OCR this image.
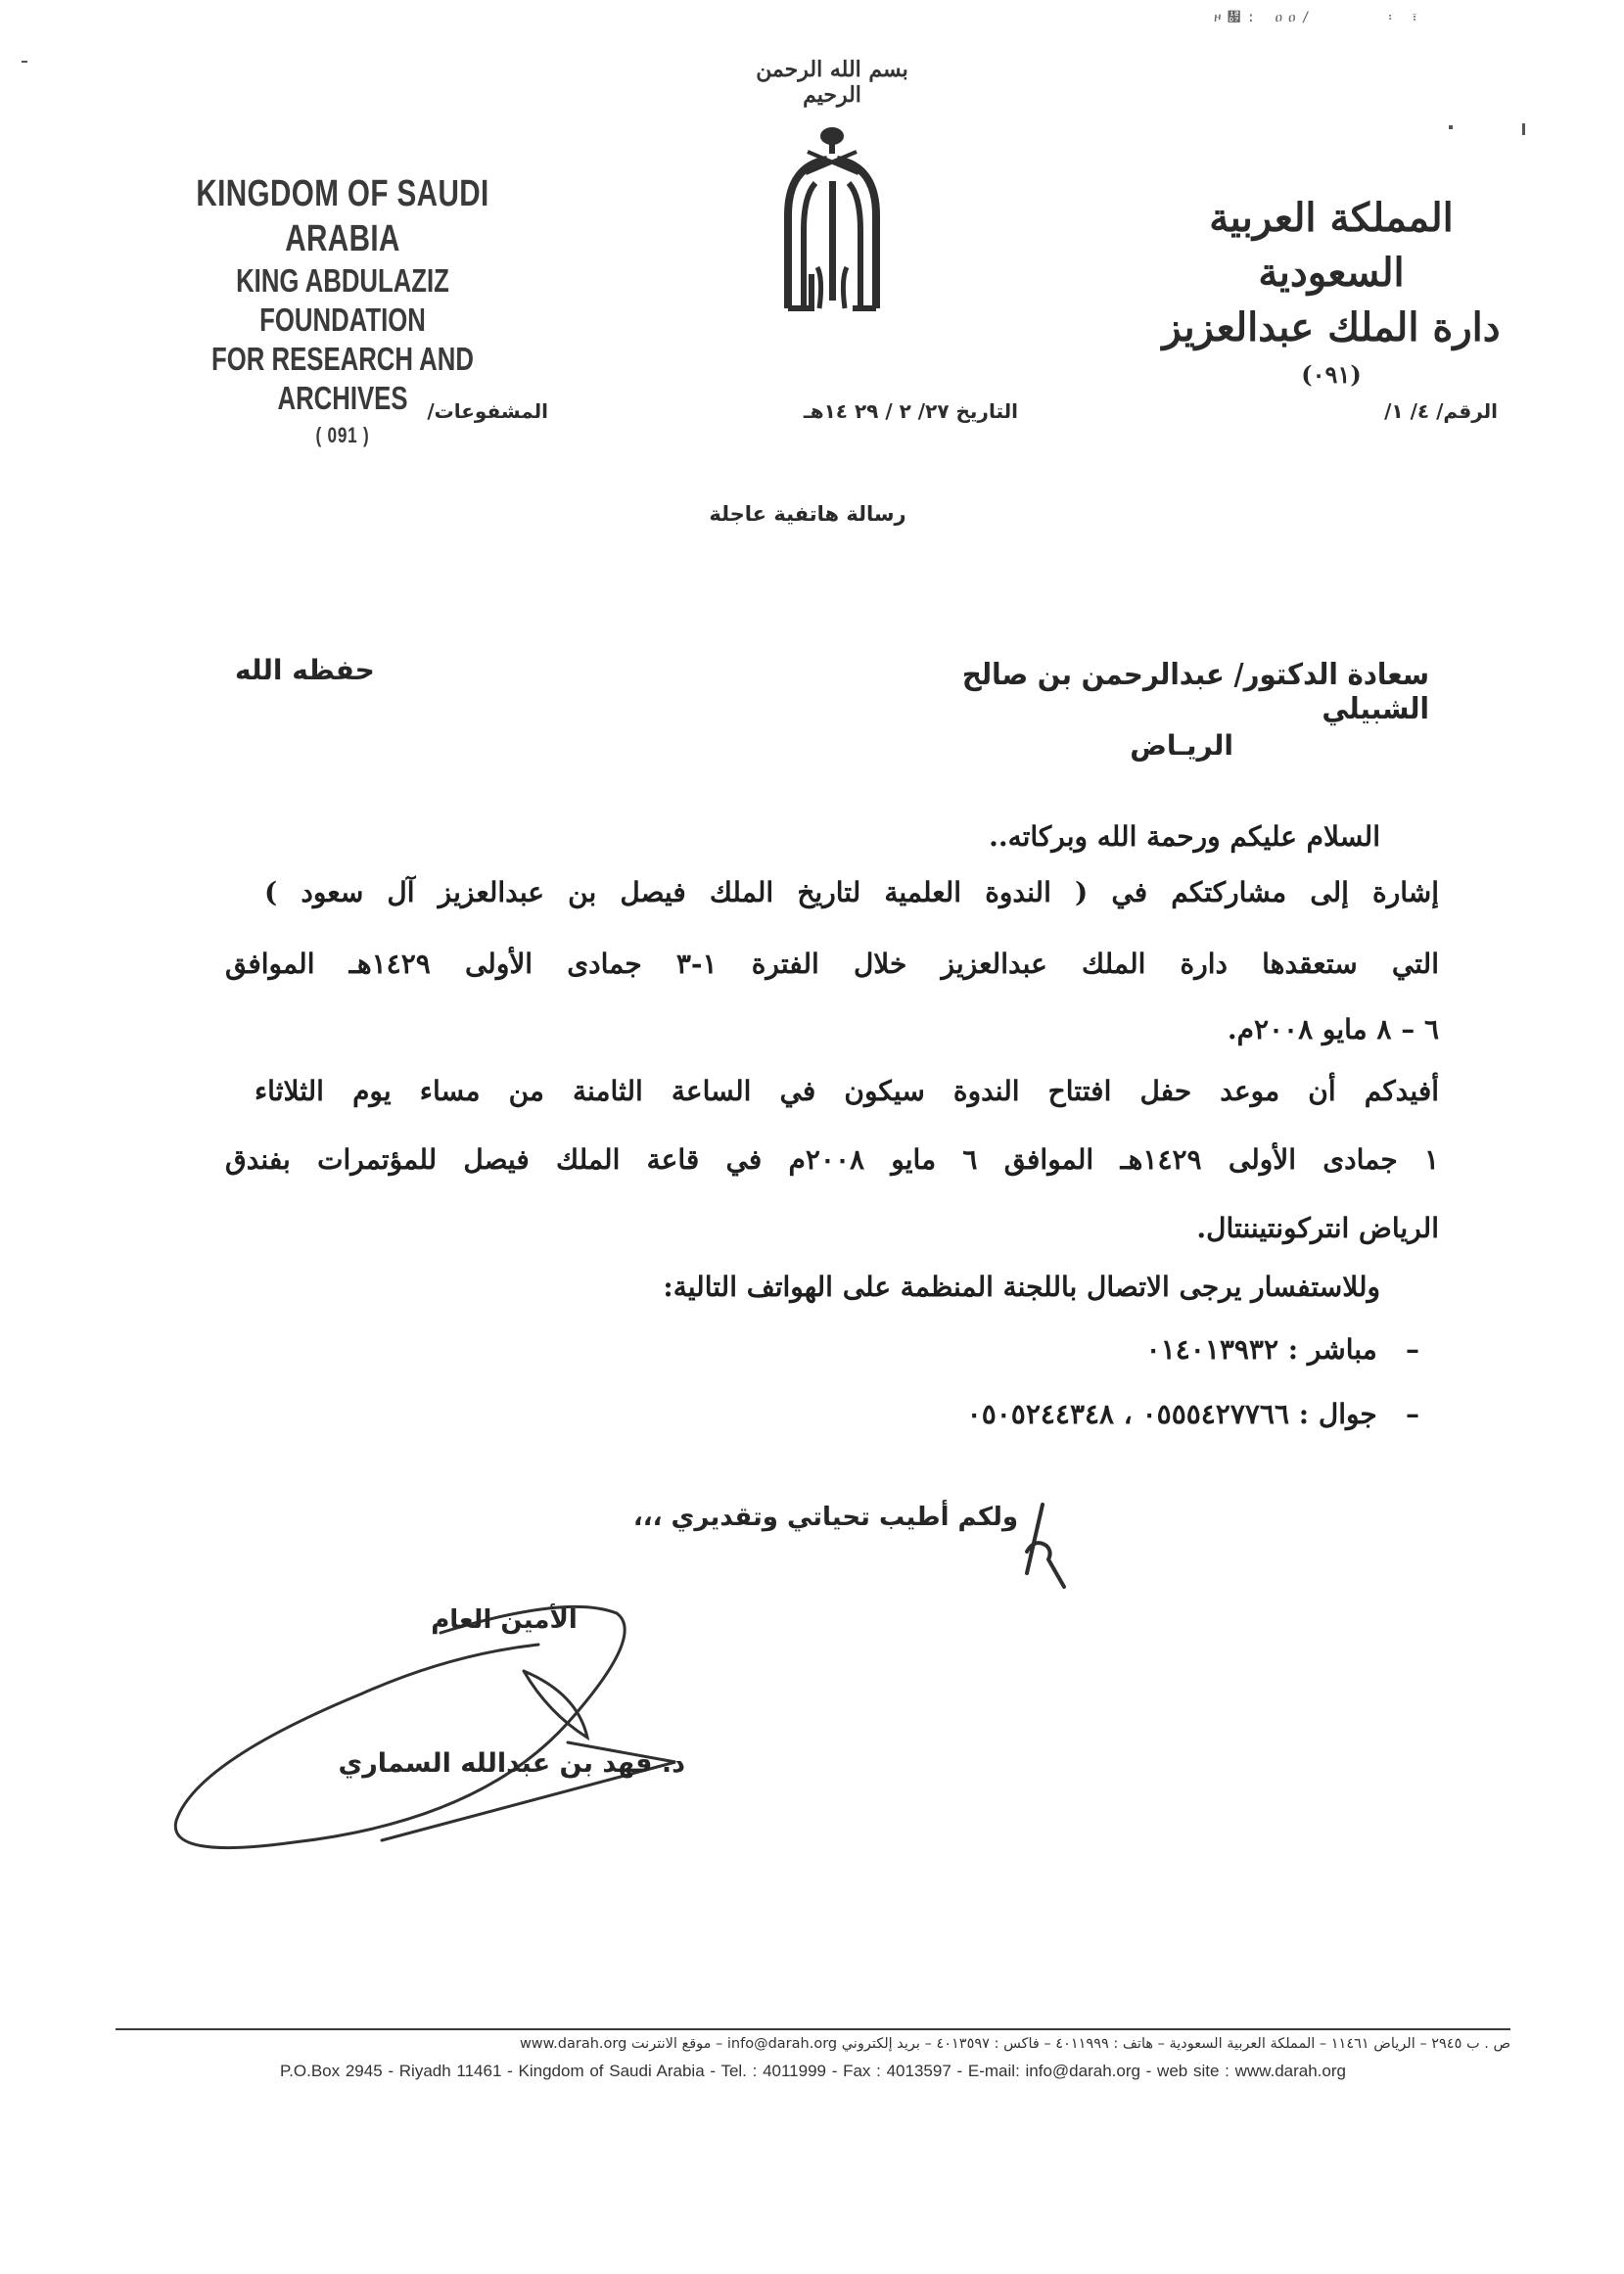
ዞ዗: ዐዐ/	፡ ፣
بسم الله الرحمن الرحيم
KINGDOM OF SAUDI ARABIA
KING ABDULAZIZ FOUNDATION
FOR RESEARCH AND ARCHIVES
( 091 )
المملكة العربية السعودية
دارة الملك عبدالعزيز
(٠٩١)
الرقم/ ٤/ ١/
التاريخ ٢٧/ ٢ / ٢٩ ١٤هـ
المشفوعات/
رسالة هاتفية عاجلة
سعادة الدكتور/ عبدالرحمن بن صالح الشبيلي
حفظه الله
الريـاض
السلام عليكم ورحمة الله وبركاته..
إشارة إلى مشاركتكم في ( الندوة العلمية لتاريخ الملك فيصل بن عبدالعزيز آل سعود )
التي ستعقدها دارة الملك عبدالعزيز خلال الفترة ١-٣ جمادى الأولى ١٤٢٩هـ الموافق
٦ – ٨ مايو ٢٠٠٨م.
أفيدكم أن موعد حفل افتتاح الندوة سيكون في الساعة الثامنة من مساء يوم الثلاثاء
١ جمادى الأولى ١٤٢٩هـ الموافق ٦ مايو ٢٠٠٨م في قاعة الملك فيصل للمؤتمرات بفندق
الرياض انتركونتيننتال.
وللاستفسار يرجى الاتصال باللجنة المنظمة على الهواتف التالية:
–   مباشر : ٠١٤٠١٣٩٣٢
–   جوال : ٠٥٥٥٤٢٧٧٦٦ ، ٠٥٠٥٢٤٤٣٤٨
ولكم أطيب تحياتي وتقديري ،،،
الأمين العام
د. فهد بن عبدالله السماري
ص . ب ٢٩٤٥ – الرياض ١١٤٦١ – المملكة العربية السعودية – هاتف : ٤٠١١٩٩٩ – فاكس : ٤٠١٣٥٩٧ – بريد إلكتروني info@darah.org – موقع الانترنت www.darah.org
P.O.Box 2945 - Riyadh 11461 - Kingdom of Saudi Arabia - Tel. : 4011999 - Fax : 4013597 - E-mail: info@darah.org - web site : www.darah.org
